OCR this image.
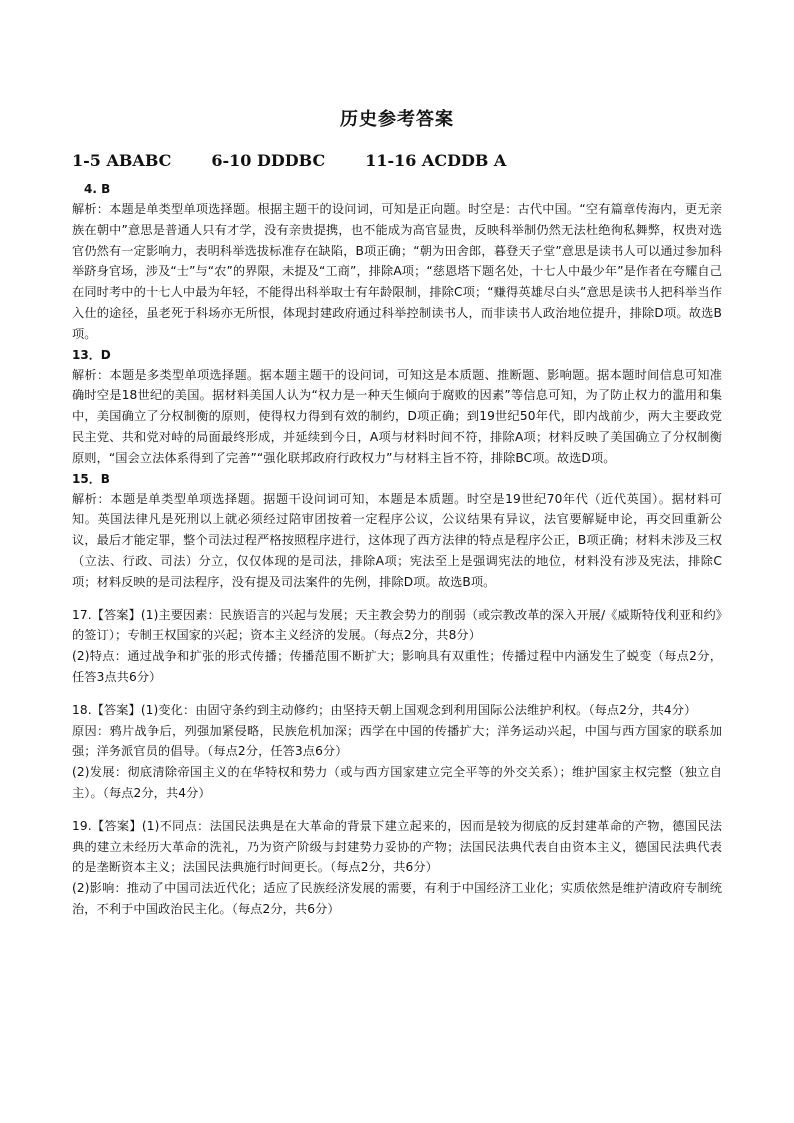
历史参考答案
1-5 ABABC	6-10 DDDBC	11-16 ACDDB A
4. B

解析：本题是单类型单项选择题。根据主题干的设问词，可知是正向题。时空是：古代中国。“空有篇章传海内，更无亲族在朝中”意思是普通人只有才学，没有亲贵提携，也不能成为高官显贵，反映科举制仍然无法杜绝徇私舞弊，权贵对选官仍然有一定影响力，表明科举选拔标准存在缺陷，B项正确；“朝为田舍郎，暮登天子堂”意思是读书人可以通过参加科举跻身官场，涉及“士”与“农”的界限，未提及“工商”，排除A项；“慈恩塔下题名处，十七人中最少年”是作者在夸耀自己在同时考中的十七人中最为年轻，不能得出科举取士有年龄限制，排除C项；“赚得英雄尽白头”意思是读书人把科举当作入仕的途径，虽老死于科场亦无所恨，体现封建政府通过科举控制读书人，而非读书人政治地位提升，排除D项。故选B项。

13．D

解析：本题是多类型单项选择题。据本题主题干的设问词，可知这是本质题、推断题、影响题。据本题时间信息可知准确时空是18世纪的美国。据材料美国人认为“权力是一种天生倾向于腐败的因素”等信息可知，为了防止权力的滥用和集中，美国确立了分权制衡的原则，使得权力得到有效的制约，D项正确；到19世纪50年代，即内战前少，两大主要政党民主党、共和党对峙的局面最终形成，并延续到今日，A项与材料时间不符，排除A项；材料反映了美国确立了分权制衡原则，“国会立法体系得到了完善”“强化联邦政府行政权力”与材料主旨不符，排除BC项。故选D项。

15．B

解析：本题是单类型单项选择题。据题干设问词可知，本题是本质题。时空是19世纪70年代（近代英国）。据材料可知。英国法律凡是死刑以上就必须经过陪审团按着一定程序公议，公议结果有异议，法官要解疑申论，再交回重新公议，最后才能定罪，整个司法过程严格按照程序进行，这体现了西方法律的特点是程序公正，B项正确；材料未涉及三权（立法、行政、司法）分立，仅仅体现的是司法，排除A项；宪法至上是强调宪法的地位，材料没有涉及宪法，排除C项；材料反映的是司法程序，没有提及司法案件的先例，排除D项。故选B项。

17.【答案】(1)主要因素：民族语言的兴起与发展；天主教会势力的削弱（或宗教改革的深入开展/《威斯特伐利亚和约》的签订）；专制王权国家的兴起；资本主义经济的发展。（每点2分，共8分）

(2)特点：通过战争和扩张的形式传播；传播范围不断扩大；影响具有双重性；传播过程中内涵发生了蜕变（每点2分，任答3点共6分）

18.【答案】(1)变化：由固守条约到主动修约；由坚持天朝上国观念到利用国际公法维护利权。（每点2分，共4分）

原因：鸦片战争后，列强加紧侵略，民族危机加深；西学在中国的传播扩大；洋务运动兴起，中国与西方国家的联系加强；洋务派官员的倡导。（每点2分，任答3点6分）

(2)发展：彻底清除帝国主义的在华特权和势力（或与西方国家建立完全平等的外交关系）；维护国家主权完整（独立自主）。（每点2分，共4分）

19.【答案】(1)不同点：法国民法典是在大革命的背景下建立起来的，因而是较为彻底的反封建革命的产物，德国民法典的建立未经历大革命的洗礼，乃为资产阶级与封建势力妥协的产物；法国民法典代表自由资本主义，德国民法典代表的是垄断资本主义；法国民法典施行时间更长。（每点2分，共6分）

(2)影响：推动了中国司法近代化；适应了民族经济发展的需要，有利于中国经济工业化；实质依然是维护清政府专制统治，不利于中国政治民主化。（每点2分，共6分）
